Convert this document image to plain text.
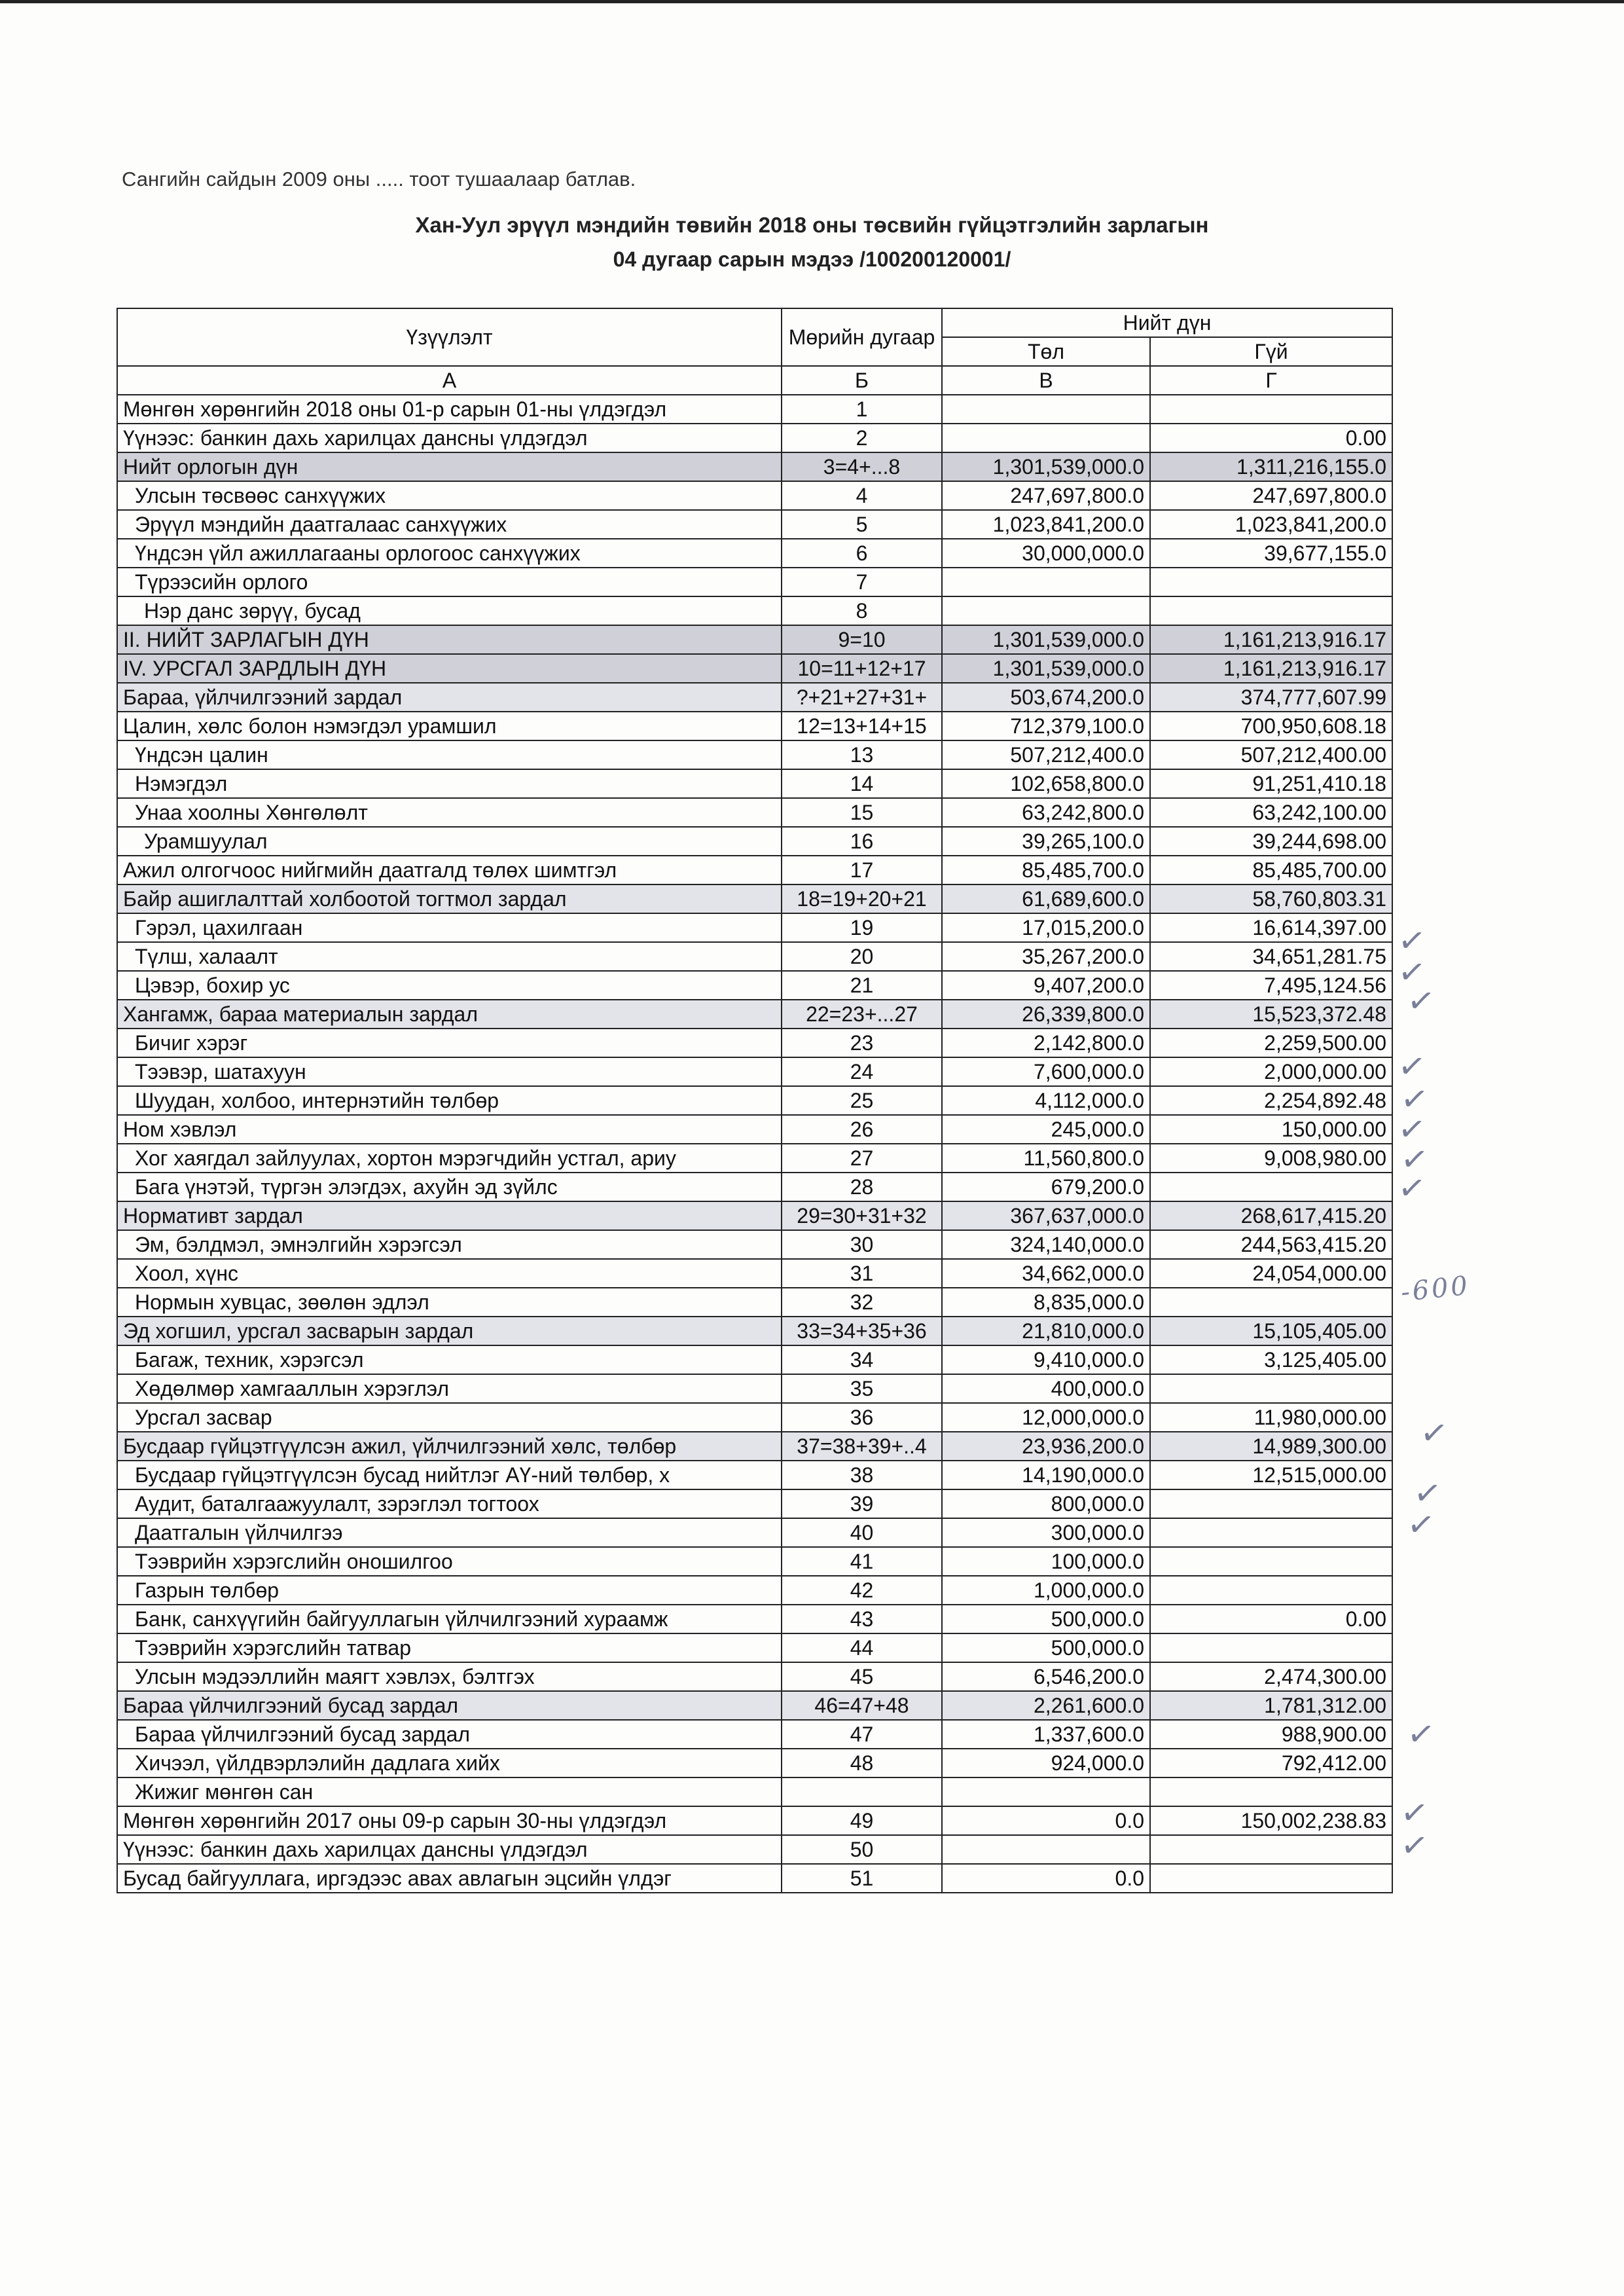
Сангийн сайдын 2009 оны ..... тоот тушаалаар батлав.
Хан-Уул эрүүл мэндийн төвийн 2018 оны төсвийн гүйцэтгэлийн зарлагын
04 дугаар сарын мэдээ /100200120001/
Үзүүлэлт	Мөрийн дугаар	Нийт дүн	
		Төл	Гүй
А	Б	В	Г
Мөнгөн хөрөнгийн 2018 оны 01-р сарын 01-ны үлдэгдэл	1		
Үүнээс: банкин дахь харилцах дансны үлдэгдэл	2		0.00
Нийт орлогын дүн	3=4+...8	1,301,539,000.0	1,311,216,155.0
Улсын төсвөөс санхүүжих	4	247,697,800.0	247,697,800.0
Эрүүл мэндийн даатгалаас санхүүжих	5	1,023,841,200.0	1,023,841,200.0
Үндсэн үйл ажиллагааны орлогоос санхүүжих	6	30,000,000.0	39,677,155.0
Түрээсийн орлого	7		
Нэр данс зөрүү, бусад	8		
II. НИЙТ ЗАРЛАГЫН ДҮН	9=10	1,301,539,000.0	1,161,213,916.17
IV. УРСГАЛ ЗАРДЛЫН ДҮН	10=11+12+17	1,301,539,000.0	1,161,213,916.17
Бараа, үйлчилгээний зардал	?+21+27+31+	503,674,200.0	374,777,607.99
Цалин, хөлс болон нэмэгдэл урамшил	12=13+14+15	712,379,100.0	700,950,608.18
Үндсэн цалин	13	507,212,400.0	507,212,400.00
Нэмэгдэл	14	102,658,800.0	91,251,410.18
Унаа хоолны Хөнгөлөлт	15	63,242,800.0	63,242,100.00
Урамшуулал	16	39,265,100.0	39,244,698.00
Ажил олгогчоос нийгмийн даатгалд төлөх шимтгэл	17	85,485,700.0	85,485,700.00
Байр ашиглалттай холбоотой тогтмол зардал	18=19+20+21	61,689,600.0	58,760,803.31
Гэрэл, цахилгаан	19	17,015,200.0	16,614,397.00
Түлш, халаалт	20	35,267,200.0	34,651,281.75
Цэвэр, бохир ус	21	9,407,200.0	7,495,124.56
Хангамж, бараа материалын зардал	22=23+...27	26,339,800.0	15,523,372.48
Бичиг хэрэг	23	2,142,800.0	2,259,500.00
Тээвэр, шатахуун	24	7,600,000.0	2,000,000.00
Шуудан, холбоо, интернэтийн төлбөр	25	4,112,000.0	2,254,892.48
Ном хэвлэл	26	245,000.0	150,000.00
Хог хаягдал зайлуулах, хортон мэрэгчдийн устгал, ариу	27	11,560,800.0	9,008,980.00
Бага үнэтэй, түргэн элэгдэх, ахуйн эд зүйлс	28	679,200.0	
Нормативт зардал	29=30+31+32	367,637,000.0	268,617,415.20
Эм, бэлдмэл, эмнэлгийн хэрэгсэл	30	324,140,000.0	244,563,415.20
Хоол, хүнс	31	34,662,000.0	24,054,000.00
Нормын хувцас, зөөлөн эдлэл	32	8,835,000.0	
Эд хогшил, урсгал засварын зардал	33=34+35+36	21,810,000.0	15,105,405.00
Багаж, техник, хэрэгсэл	34	9,410,000.0	3,125,405.00
Хөдөлмөр хамгааллын хэрэглэл	35	400,000.0	
Урсгал засвар	36	12,000,000.0	11,980,000.00
Бусдаар гүйцэтгүүлсэн ажил, үйлчилгээний хөлс, төлбөр	37=38+39+..4	23,936,200.0	14,989,300.00
Бусдаар гүйцэтгүүлсэн бусад нийтлэг АҮ-ний төлбөр, х	38	14,190,000.0	12,515,000.00
Аудит, баталгаажуулалт, зэрэглэл тогтоох	39	800,000.0	
Даатгалын үйлчилгээ	40	300,000.0	
Тээврийн хэрэгслийн оношилгоо	41	100,000.0	
Газрын төлбөр	42	1,000,000.0	
Банк, санхүүгийн байгууллагын үйлчилгээний хураамж	43	500,000.0	0.00
Тээврийн хэрэгслийн татвар	44	500,000.0	
Улсын мэдээллийн маягт хэвлэх, бэлтгэх	45	6,546,200.0	2,474,300.00
Бараа үйлчилгээний бусад зардал	46=47+48	2,261,600.0	1,781,312.00
Бараа үйлчилгээний бусад зардал	47	1,337,600.0	988,900.00
Хичээл, үйлдвэрлэлийн дадлага хийх	48	924,000.0	792,412.00
Жижиг мөнгөн сан			
Мөнгөн хөрөнгийн 2017 оны 09-р сарын 30-ны үлдэгдэл	49	0.0	150,002,238.83
Үүнээс: банкин дахь харилцах дансны үлдэгдэл	50		
Бусад байгууллага, иргэдээс авах авлагын эцсийн үлдэг	51	0.0	
✓
✓
✓
✓
✓
✓
✓
✓
✓
✓
✓
✓
✓
✓
-600
